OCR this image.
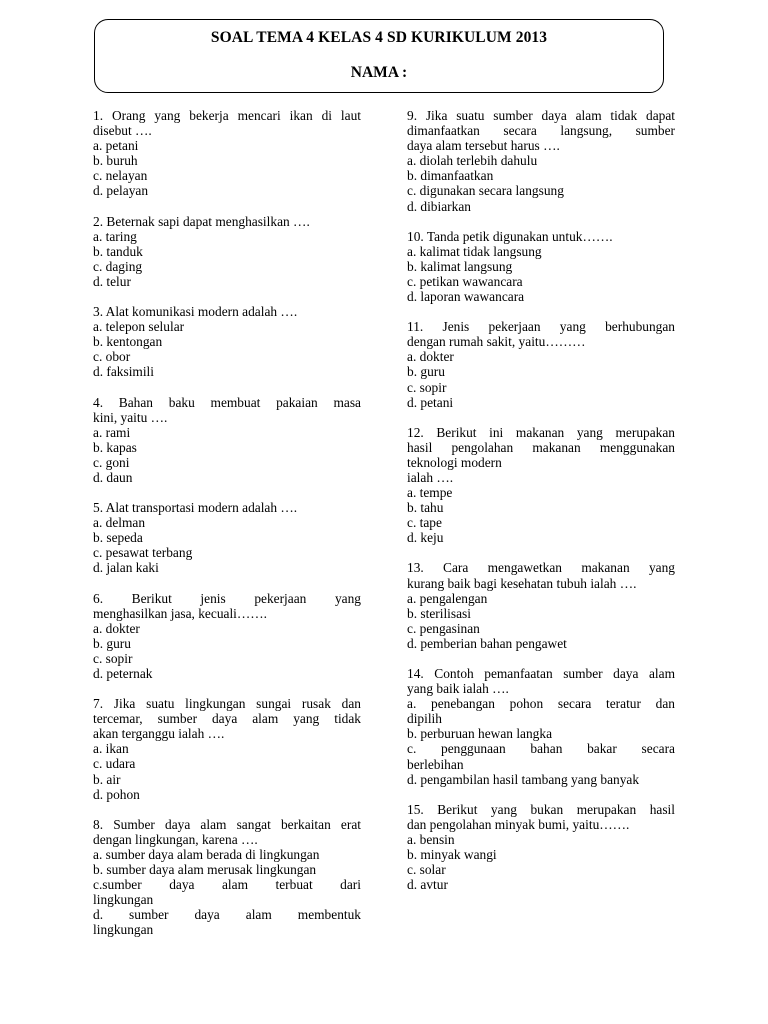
SOAL TEMA 4 KELAS 4 SD KURIKULUM 2013
NAMA :
1. Orang yang bekerja mencari ikan di laut
disebut ….
a. petani
b. buruh
c. nelayan
d. pelayan
2. Beternak sapi dapat menghasilkan ….
a. taring
b. tanduk
c. daging
d. telur
3. Alat komunikasi modern adalah ….
a. telepon selular
b. kentongan
c. obor
d. faksimili
4. Bahan baku membuat pakaian masa
kini, yaitu ….
a. rami
b. kapas
c. goni
d. daun
5. Alat transportasi modern adalah ….
a. delman
b. sepeda
c. pesawat terbang
d. jalan kaki
6. Berikut jenis pekerjaan yang
menghasilkan jasa, kecuali…….
a. dokter
b. guru
c. sopir
d. peternak
7. Jika suatu lingkungan sungai rusak dan
tercemar, sumber daya alam yang tidak
akan terganggu ialah ….
a. ikan
c. udara
b. air
d. pohon
8. Sumber daya alam sangat berkaitan erat
dengan lingkungan, karena ….
a. sumber daya alam berada di lingkungan
b. sumber daya alam merusak lingkungan
c.sumber daya alam terbuat dari
lingkungan
d. sumber daya alam membentuk
lingkungan
9. Jika suatu sumber daya alam tidak dapat
dimanfaatkan secara langsung, sumber
daya alam tersebut harus ….
a. diolah terlebih dahulu
b. dimanfaatkan
c. digunakan secara langsung
d. dibiarkan
10. Tanda petik digunakan untuk…….
a. kalimat tidak langsung
b. kalimat langsung
c. petikan wawancara
d. laporan wawancara
11. Jenis pekerjaan yang berhubungan
dengan rumah sakit, yaitu………
a. dokter
b. guru
c. sopir
d. petani
12. Berikut ini makanan yang merupakan
hasil pengolahan makanan menggunakan
teknologi modern
ialah ….
a. tempe
b. tahu
c. tape
d. keju
13. Cara mengawetkan makanan yang
kurang baik bagi kesehatan tubuh ialah ….
a. pengalengan
b. sterilisasi
c. pengasinan
d. pemberian bahan pengawet
14. Contoh pemanfaatan sumber daya alam
yang baik ialah ….
a. penebangan pohon secara teratur dan
dipilih
b. perburuan hewan langka
c. penggunaan bahan bakar secara
berlebihan
d. pengambilan hasil tambang yang banyak
15. Berikut yang bukan merupakan hasil
dan pengolahan minyak bumi, yaitu…….
a. bensin
b. minyak wangi
c. solar
d. avtur
